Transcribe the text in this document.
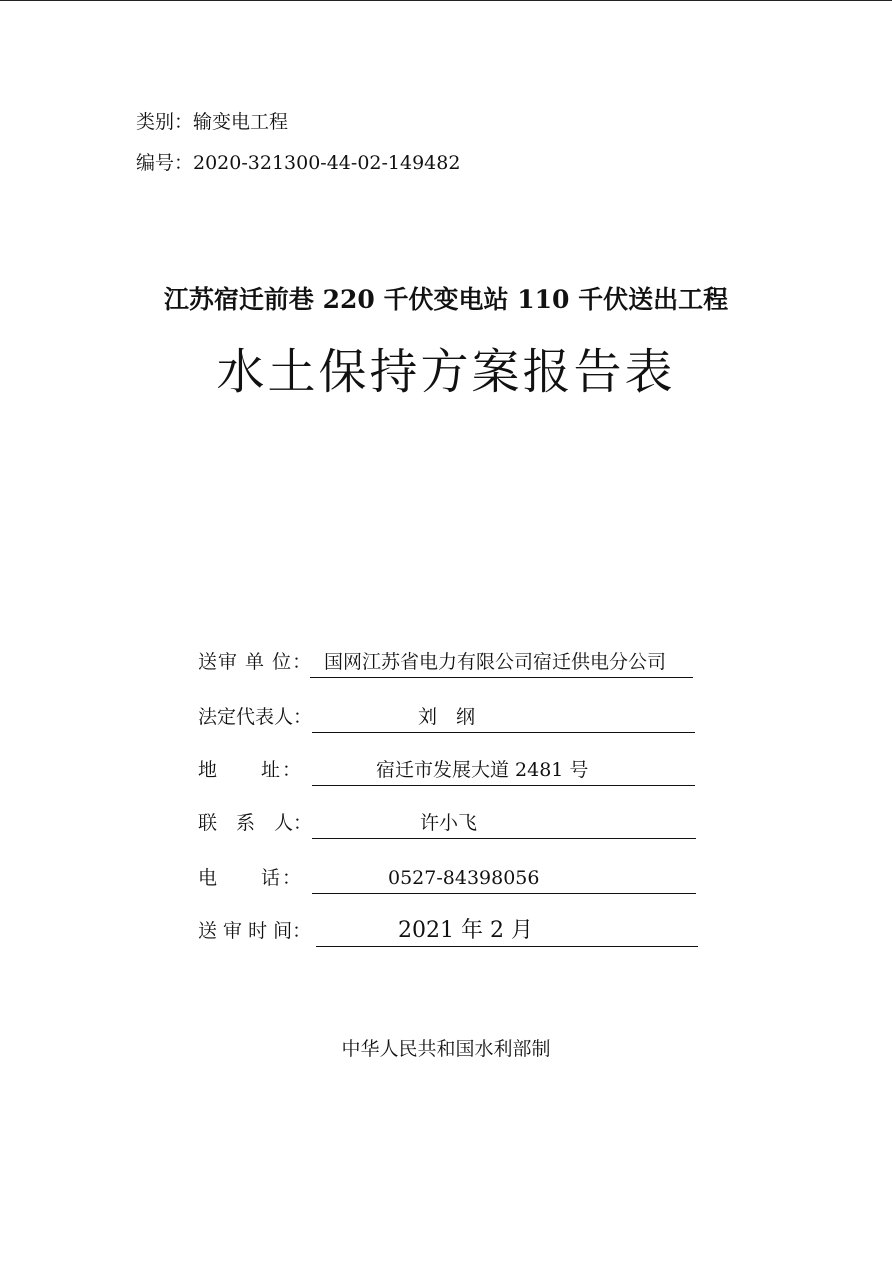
类别：输变电工程
编号：2020-321300-44-02-149482
江苏宿迁前巷 220 千伏变电站 110 千伏送出工程
水土保持方案报告表
送审 单 位： 国网江苏省电力有限公司宿迁供电分公司
法定代表人：	刘　纲
地　　址：	宿迁市发展大道 2481 号
联　系　人：	许小飞
电　　话：	0527-84398056
送 审 时 间：	2021 年 2 月
中华人民共和国水利部制
